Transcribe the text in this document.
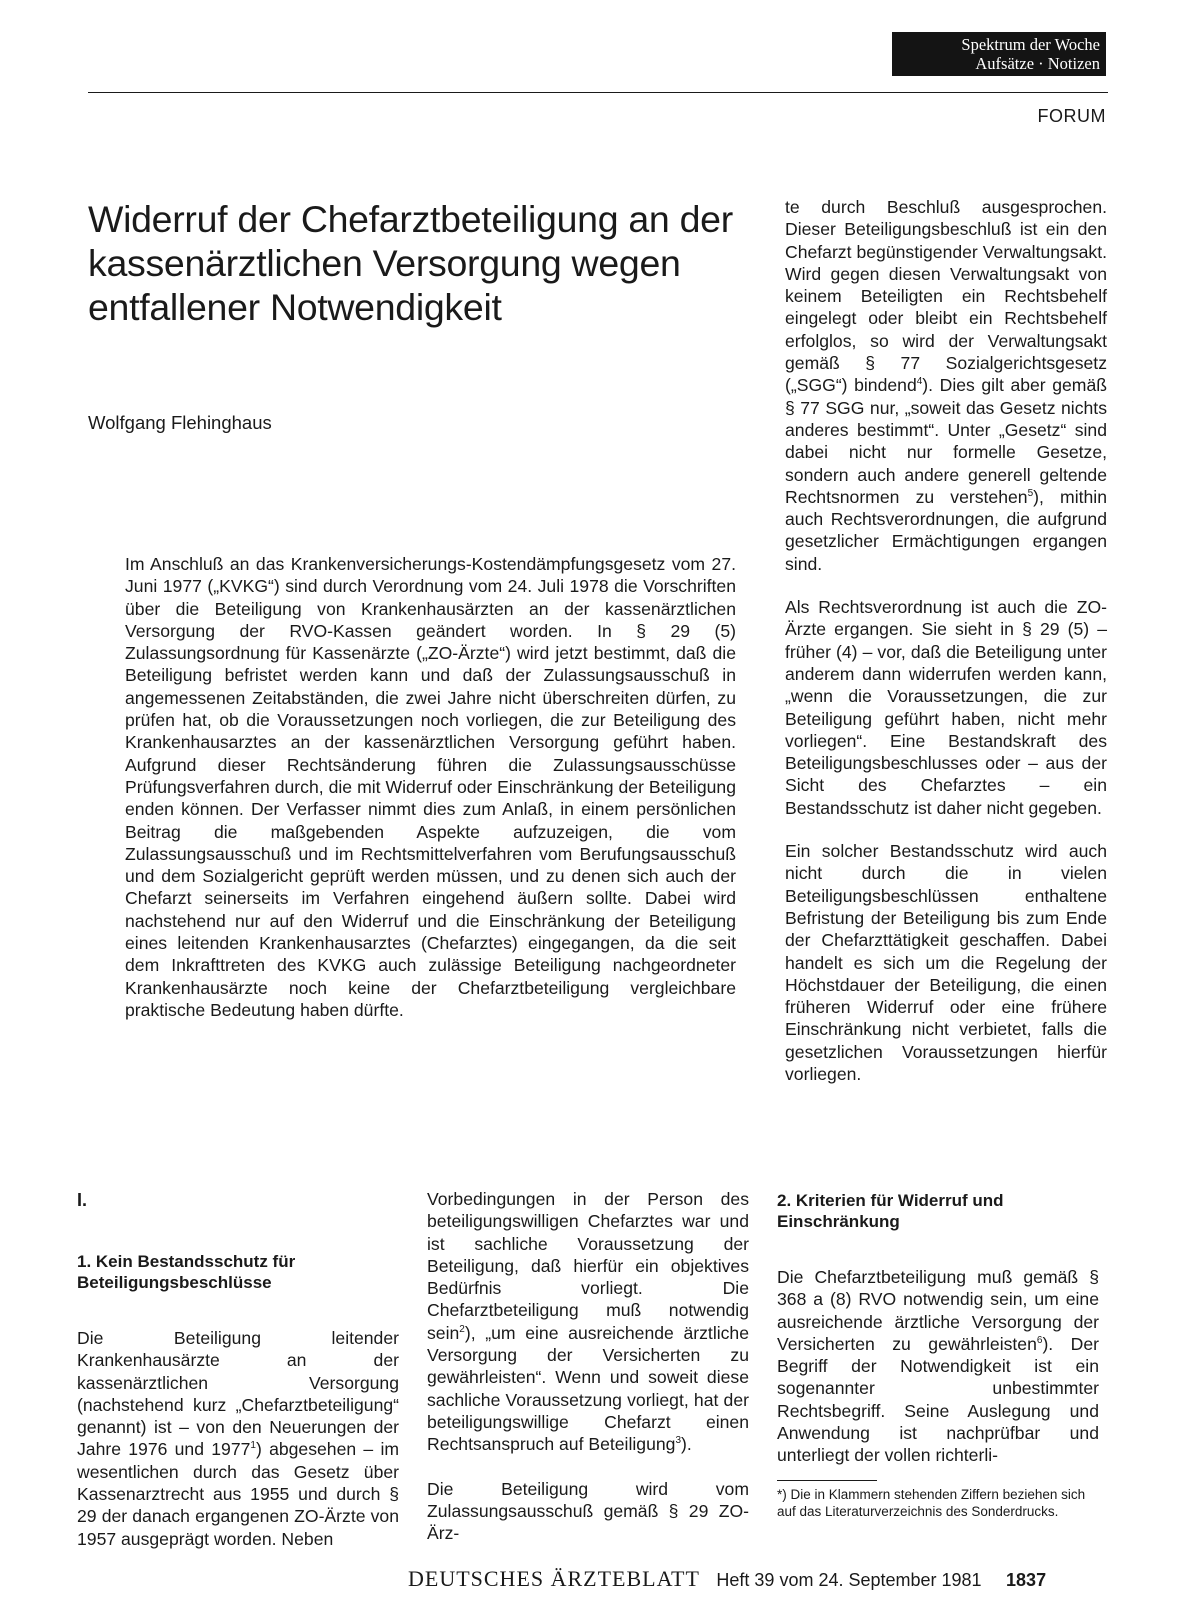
Spektrum der Woche
Aufsätze · Notizen
FORUM
Widerruf der Chefarztbeteiligung an der kassenärztlichen Versorgung wegen entfallener Notwendigkeit
Wolfgang Flehinghaus

Im Anschluß an das Krankenversicherungs-Kostendämpfungsgesetz vom 27. Juni 1977 („KVKG“) sind durch Verordnung vom 24. Juli 1978 die Vorschriften über die Beteiligung von Krankenhausärzten an der kassenärztlichen Versorgung der RVO-Kassen geändert worden. In § 29 (5) Zulassungsordnung für Kassenärzte („ZO-Ärzte“) wird jetzt bestimmt, daß die Beteiligung befristet werden kann und daß der Zulassungsausschuß in angemessenen Zeitabständen, die zwei Jahre nicht überschreiten dürfen, zu prüfen hat, ob die Voraussetzungen noch vorliegen, die zur Beteiligung des Krankenhausarztes an der kassenärztlichen Versorgung geführt haben. Aufgrund dieser Rechtsänderung führen die Zulassungsausschüsse Prüfungsverfahren durch, die mit Widerruf oder Einschränkung der Beteiligung enden können. Der Verfasser nimmt dies zum Anlaß, in einem persönlichen Beitrag die maßgebenden Aspekte aufzuzeigen, die vom Zulassungsausschuß und im Rechtsmittelverfahren vom Berufungsausschuß und dem Sozialgericht geprüft werden müssen, und zu denen sich auch der Chefarzt seinerseits im Verfahren eingehend äußern sollte. Dabei wird nachstehend nur auf den Widerruf und die Einschränkung der Beteiligung eines leitenden Krankenhausarztes (Chefarztes) eingegangen, da die seit dem Inkrafttreten des KVKG auch zulässige Beteiligung nachgeordneter Krankenhausärzte noch keine der Chefarztbeteiligung vergleichbare praktische Bedeutung haben dürfte.

te durch Beschluß ausgesprochen. Dieser Beteiligungsbeschluß ist ein den Chefarzt begünstigender Verwaltungsakt. Wird gegen diesen Verwaltungsakt von keinem Beteiligten ein Rechtsbehelf eingelegt oder bleibt ein Rechtsbehelf erfolglos, so wird der Verwaltungsakt gemäß § 77 Sozialgerichtsgesetz („SGG“) bindend$^4$). Dies gilt aber gemäß § 77 SGG nur, „soweit das Gesetz nichts anderes bestimmt“. Unter „Gesetz“ sind dabei nicht nur formelle Gesetze, sondern auch andere generell geltende Rechtsnormen zu verstehen$^5$), mithin auch Rechtsverordnungen, die aufgrund gesetzlicher Ermächtigungen ergangen sind.

Als Rechtsverordnung ist auch die ZO-Ärzte ergangen. Sie sieht in § 29 (5) – früher (4) – vor, daß die Beteiligung unter anderem dann widerrufen werden kann, „wenn die Voraussetzungen, die zur Beteiligung geführt haben, nicht mehr vorliegen“. Eine Bestandskraft des Beteiligungsbeschlusses oder – aus der Sicht des Chefarztes – ein Bestandsschutz ist daher nicht gegeben.

Ein solcher Bestandsschutz wird auch nicht durch die in vielen Beteiligungsbeschlüssen enthaltene Befristung der Beteiligung bis zum Ende der Chefarzttätigkeit geschaffen. Dabei handelt es sich um die Regelung der Höchstdauer der Beteiligung, die einen früheren Widerruf oder eine frühere Einschränkung nicht verbietet, falls die gesetzlichen Voraussetzungen hierfür vorliegen.

I.

1. Kein Bestandsschutz für Beteiligungsbeschlüsse

Die Beteiligung leitender Krankenhausärzte an der kassenärztlichen Versorgung (nachstehend kurz „Chefarztbeteiligung“ genannt) ist – von den Neuerungen der Jahre 1976 und 1977$^1$) abgesehen – im wesentlichen durch das Gesetz über Kassenarztrecht aus 1955 und durch § 29 der danach ergangenen ZO-Ärzte von 1957 ausgeprägt worden. Neben

Vorbedingungen in der Person des beteiligungswilligen Chefarztes war und ist sachliche Voraussetzung der Beteiligung, daß hierfür ein objektives Bedürfnis vorliegt. Die Chefarztbeteiligung muß notwendig sein$^2$), „um eine ausreichende ärztliche Versorgung der Versicherten zu gewährleisten“. Wenn und soweit diese sachliche Voraussetzung vorliegt, hat der beteiligungswillige Chefarzt einen Rechtsanspruch auf Beteiligung$^3$).

Die Beteiligung wird vom Zulassungsausschuß gemäß § 29 ZO-Ärz-

2. Kriterien für Widerruf und Einschränkung

Die Chefarztbeteiligung muß gemäß § 368 a (8) RVO notwendig sein, um eine ausreichende ärztliche Versorgung der Versicherten zu gewährleisten$^6$). Der Begriff der Notwendigkeit ist ein sogenannter unbestimmter Rechtsbegriff. Seine Auslegung und Anwendung ist nachprüfbar und unterliegt der vollen richterli-

*) Die in Klammern stehenden Ziffern beziehen sich auf das Literaturverzeichnis des Sonderdrucks.

DEUTSCHES ÄRZTEBLATT Heft 39 vom 24. September 1981 1837
